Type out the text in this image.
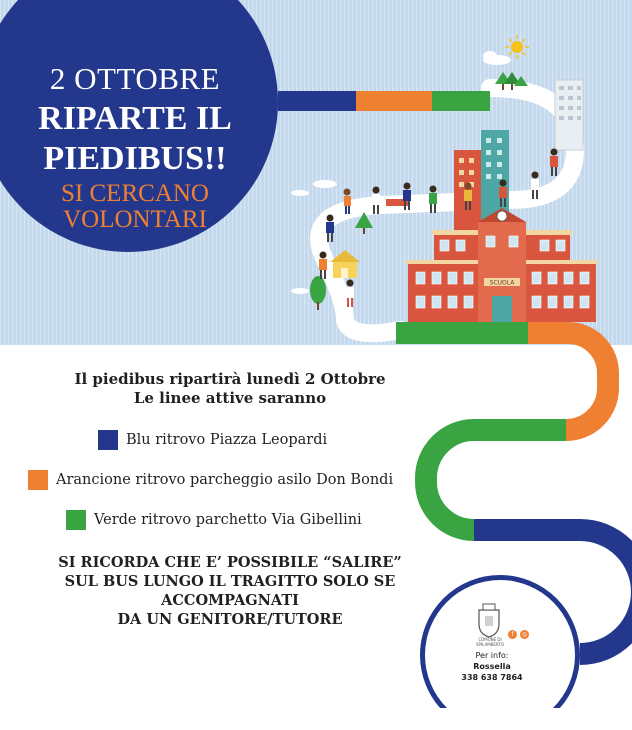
SCUOLA

2 OTTOBRE

RIPARTE IL

PIEDIBUS!!

SI CERCANO
VOLONTARI
Il piedibus ripartirà lunedì 2 Ottobre
Le linee attive saranno
Blu ritrovo Piazza Leopardi
Arancione ritrovo parcheggio asilo Don Bondi
Verde ritrovo parchetto Via Gibellini
SI RICORDA CHE E’ POSSIBILE “SALIRE”
SUL BUS LUNGO IL TRAGITTO SOLO SE
ACCOMPAGNATI
DA UN GENITORE/TUTORE
COMUNE DI SPILAMBERTO
f	◎
Per info:
Rossella
338 638 7864
